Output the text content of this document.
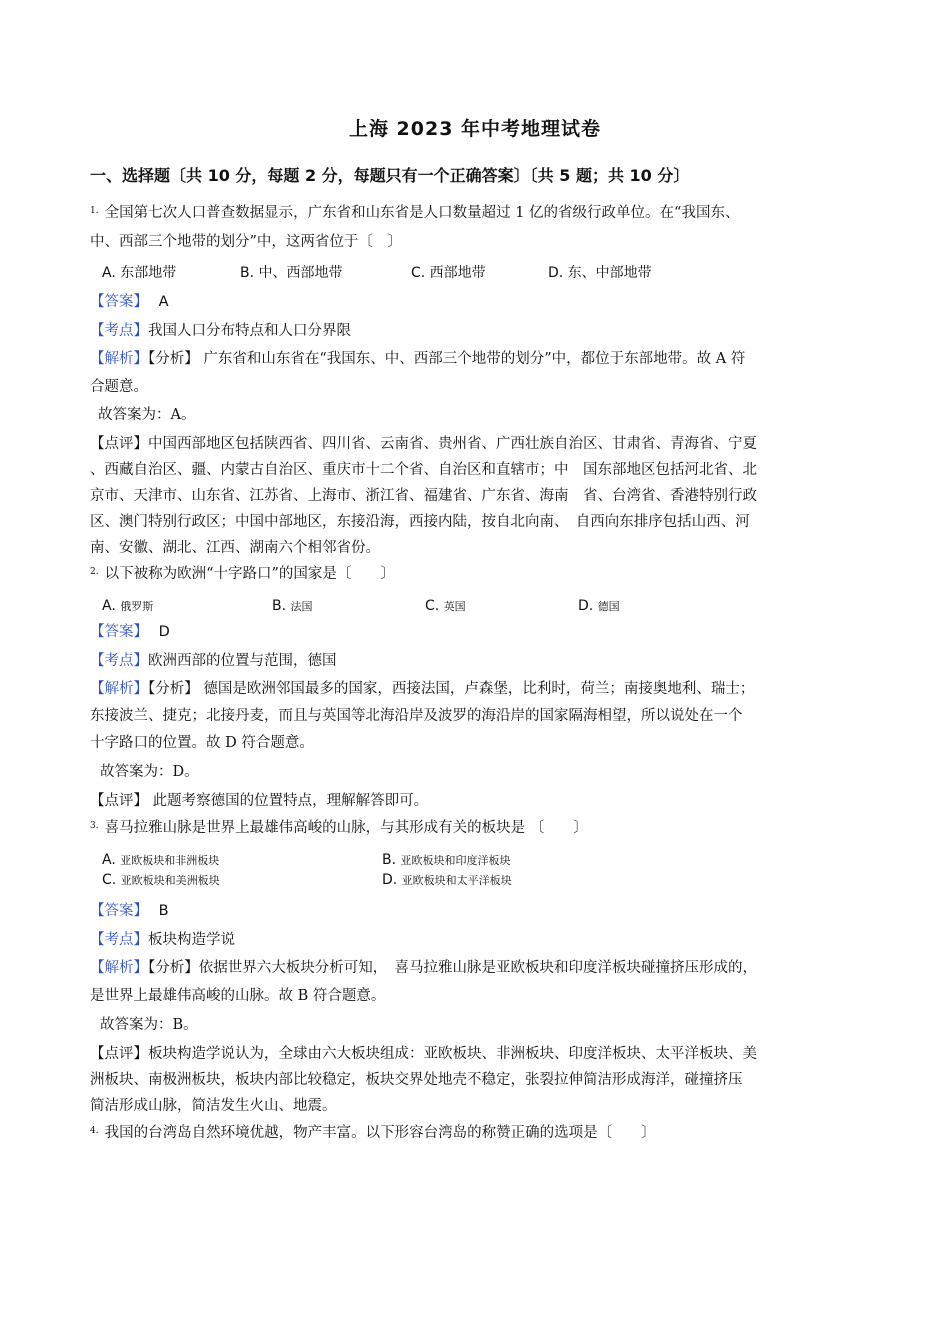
上海 2023 年中考地理试卷
一、选择题〔共 10 分，每题 2 分，每题只有一个正确答案〕〔共 5 题；共 10 分〕
$^{1.}$ 全国第七次人口普查数据显示，广东省和山东省是人口数量超过 1 亿的省级行政单位。在“我国东、
中、西部三个地带的划分”中，这两省位于〔　〕
A. 东部地带	B. 中、西部地带	C. 西部地带	D. 东、中部地带
【答案】 A
【考点】我国人口分布特点和人口分界限
【解析】【分析】 广东省和山东省在“我国东、中、西部三个地带的划分”中，都位于东部地带。故 A 符
合题意。
故答案为：A。
【点评】中国西部地区包括陕西省、四川省、云南省、贵州省、广西壮族自治区、甘肃省、青海省、宁夏
、西藏自治区、疆、内蒙古自治区、重庆市十二个省、自治区和直辖市；中　国东部地区包括河北省、北
京市、天津市、山东省、江苏省、上海市、浙江省、福建省、广东省、海南　省、台湾省、香港特别行政
区、澳门特别行政区；中国中部地区，东接沿海，西接内陆，按自北向南、　自西向东排序包括山西、河
南、安徽、湖北、江西、湖南六个相邻省份。
$^{2.}$ 以下被称为欧洲“十字路口”的国家是〔　　〕
A. 俄罗斯	B. 法国	C. 英国	D. 德国
【答案】 D
【考点】欧洲西部的位置与范围，德国
【解析】【分析】 德国是欧洲邻国最多的国家，西接法国，卢森堡，比利时，荷兰；南接奥地利、瑞士；
东接波兰、捷克；北接丹麦，而且与英国等北海沿岸及波罗的海沿岸的国家隔海相望，所以说处在一个
十字路口的位置。故 D 符合题意。
故答案为：D。
【点评】 此题考察德国的位置特点，理解解答即可。
$^{3.}$ 喜马拉雅山脉是世界上最雄伟高峻的山脉，与其形成有关的板块是 〔　　〕
A. 亚欧板块和非洲板块	B. 亚欧板块和印度洋板块
C. 亚欧板块和美洲板块	D. 亚欧板块和太平洋板块
【答案】 B
【考点】板块构造学说
【解析】【分析】依据世界六大板块分析可知，　喜马拉雅山脉是亚欧板块和印度洋板块碰撞挤压形成的，
是世界上最雄伟高峻的山脉。故 B 符合题意。
故答案为：B。
【点评】板块构造学说认为，全球由六大板块组成：亚欧板块、非洲板块、印度洋板块、太平洋板块、美
洲板块、南极洲板块，板块内部比较稳定，板块交界处地壳不稳定，张裂拉伸简洁形成海洋，碰撞挤压
简洁形成山脉，简洁发生火山、地震。
$^{4.}$ 我国的台湾岛自然环境优越，物产丰富。以下形容台湾岛的称赞正确的选项是〔　　〕
